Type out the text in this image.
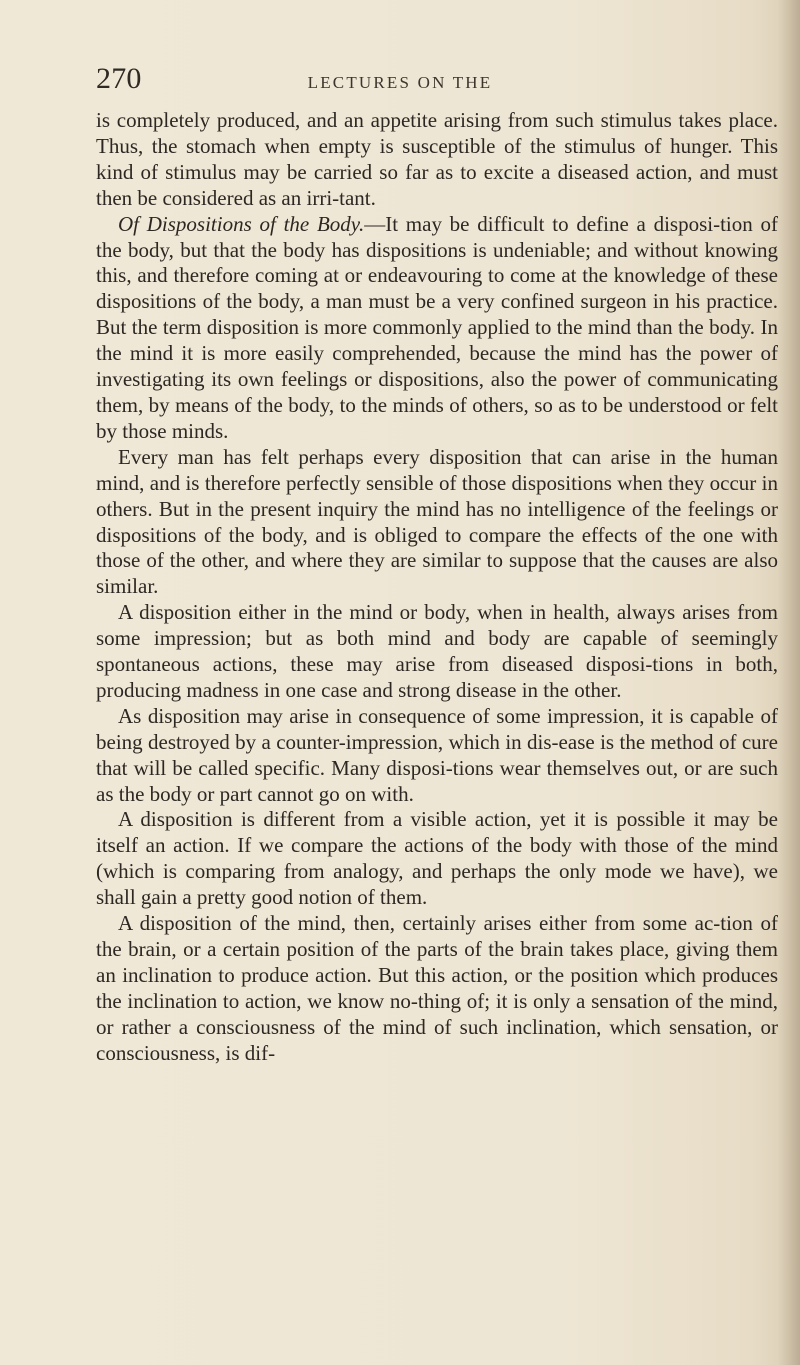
270	LECTURES ON THE

is completely produced, and an appetite arising from such stimulus takes place. Thus, the stomach when empty is susceptible of the stimulus of hunger. This kind of stimulus may be carried so far as to excite a diseased action, and must then be considered as an irri-tant.

Of Dispositions of the Body.—It may be difficult to define a disposi-tion of the body, but that the body has dispositions is undeniable; and without knowing this, and therefore coming at or endeavouring to come at the knowledge of these dispositions of the body, a man must be a very confined surgeon in his practice. But the term disposition is more commonly applied to the mind than the body. In the mind it is more easily comprehended, because the mind has the power of investigating its own feelings or dispositions, also the power of communicating them, by means of the body, to the minds of others, so as to be understood or felt by those minds.

Every man has felt perhaps every disposition that can arise in the human mind, and is therefore perfectly sensible of those dispositions when they occur in others. But in the present inquiry the mind has no intelligence of the feelings or dispositions of the body, and is obliged to compare the effects of the one with those of the other, and where they are similar to suppose that the causes are also similar.

A disposition either in the mind or body, when in health, always arises from some impression; but as both mind and body are capable of seemingly spontaneous actions, these may arise from diseased disposi-tions in both, producing madness in one case and strong disease in the other.

As disposition may arise in consequence of some impression, it is capable of being destroyed by a counter-impression, which in dis-ease is the method of cure that will be called specific. Many disposi-tions wear themselves out, or are such as the body or part cannot go on with.

A disposition is different from a visible action, yet it is possible it may be itself an action. If we compare the actions of the body with those of the mind (which is comparing from analogy, and perhaps the only mode we have), we shall gain a pretty good notion of them.

A disposition of the mind, then, certainly arises either from some ac-tion of the brain, or a certain position of the parts of the brain takes place, giving them an inclination to produce action. But this action, or the position which produces the inclination to action, we know no-thing of; it is only a sensation of the mind, or rather a consciousness of the mind of such inclination, which sensation, or consciousness, is dif-
